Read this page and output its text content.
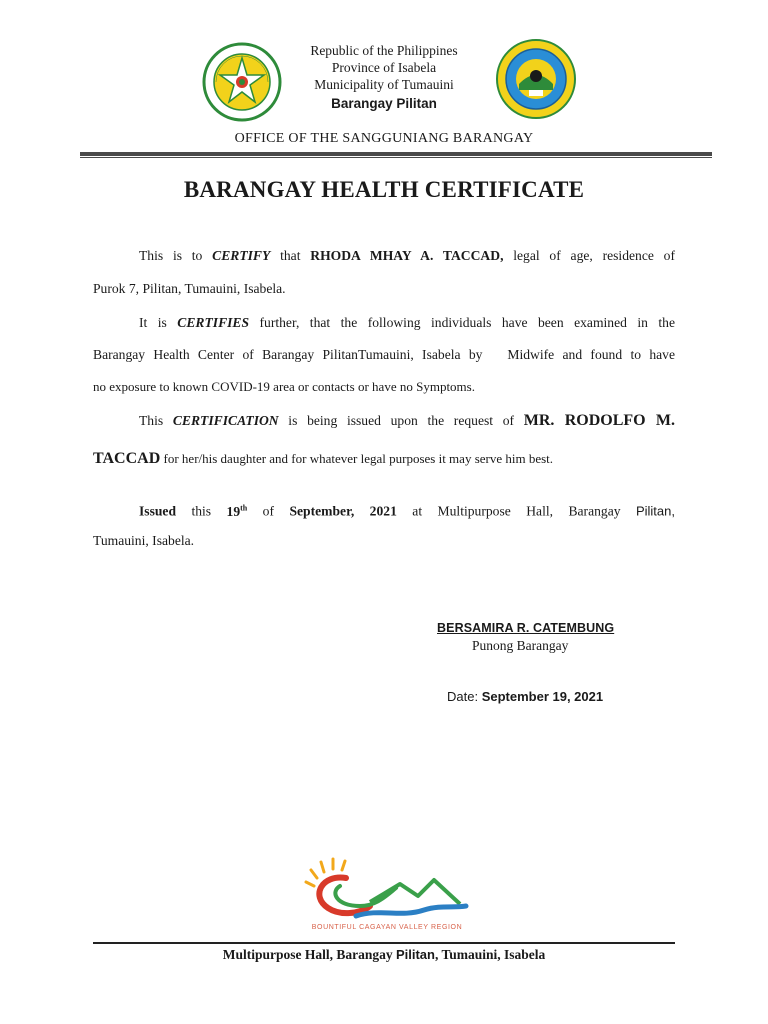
Republic of the Philippines
Province of Isabela
Municipality of Tumauini
Barangay Pilitan
OFFICE OF THE SANGGUNIANG BARANGAY
BARANGAY HEALTH CERTIFICATE
This is to CERTIFY that RHODA MHAY A. TACCAD, legal of age, residence of
Purok 7, Pilitan, Tumauini, Isabela.
It is CERTIFIES further, that the following individuals have been examined in the
Barangay Health Center of Barangay PilitanTumauini, Isabela by Midwife and found to have
no exposure to known COVID-19 area or contacts or have no Symptoms.
This CERTIFICATION is being issued upon the request of MR. RODOLFO M.
TACCAD for her/his daughter and for whatever legal purposes it may serve him best.
Issued this 19th of September, 2021 at Multipurpose Hall, Barangay Pilitan,
Tumauini, Isabela.
BERSAMIRA R. CATEMBUNG
Punong Barangay
Date: September 19, 2021
BOUNTIFUL CAGAYAN VALLEY REGION
Multipurpose Hall, Barangay Pilitan, Tumauini, Isabela
